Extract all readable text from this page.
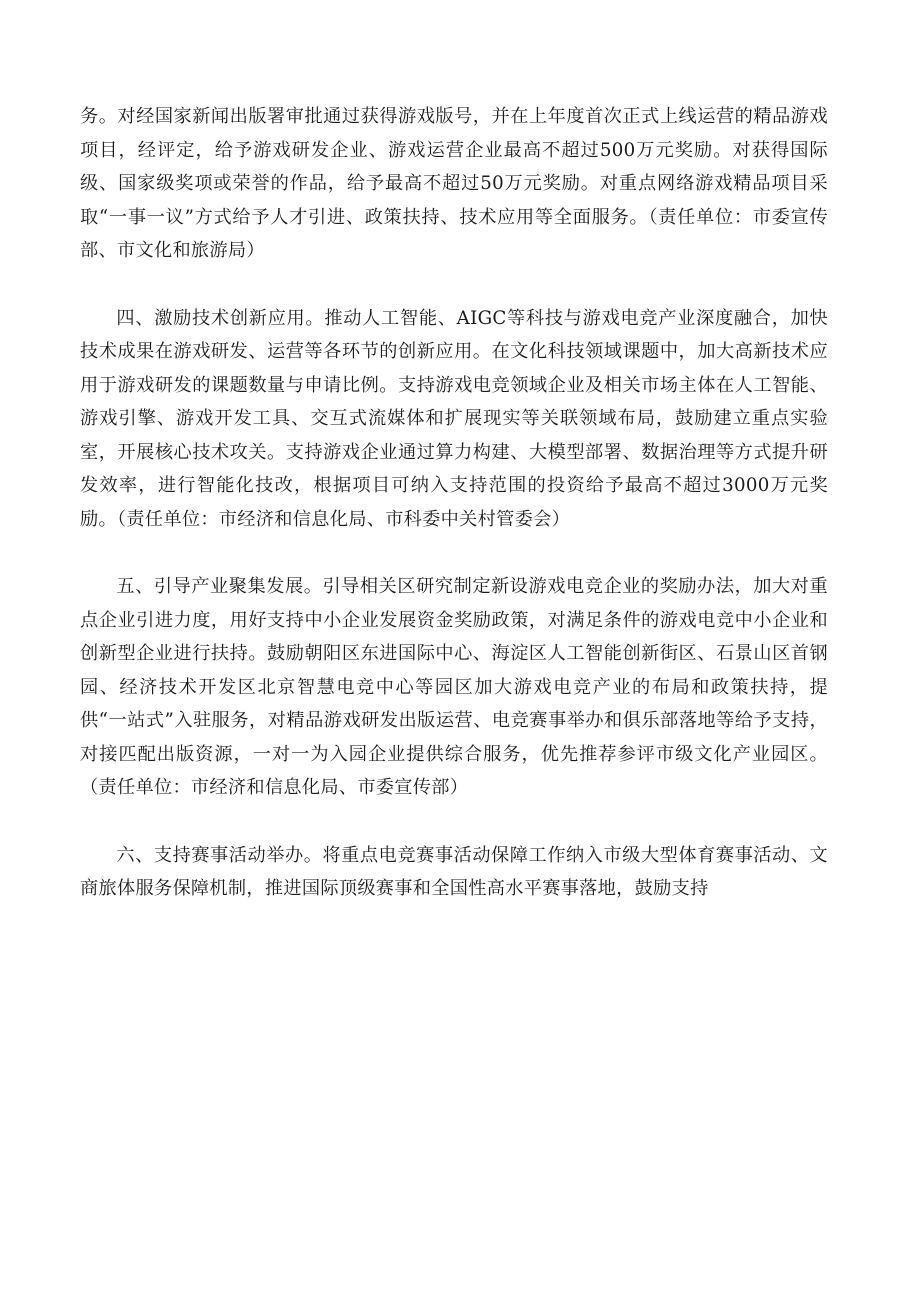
务。对经国家新闻出版署审批通过获得游戏版号，并在上年度首次正式上线运营的精品游戏项目，经评定，给予游戏研发企业、游戏运营企业最高不超过500万元奖励。对获得国际级、国家级奖项或荣誉的作品，给予最高不超过50万元奖励。对重点网络游戏精品项目采取“一事一议”方式给予人才引进、政策扶持、技术应用等全面服务。（责任单位：市委宣传部、市文化和旅游局）

四、激励技术创新应用。推动人工智能、AIGC等科技与游戏电竞产业深度融合，加快技术成果在游戏研发、运营等各环节的创新应用。在文化科技领域课题中，加大高新技术应用于游戏研发的课题数量与申请比例。支持游戏电竞领域企业及相关市场主体在人工智能、游戏引擎、游戏开发工具、交互式流媒体和扩展现实等关联领域布局，鼓励建立重点实验室，开展核心技术攻关。支持游戏企业通过算力构建、大模型部署、数据治理等方式提升研发效率，进行智能化技改，根据项目可纳入支持范围的投资给予最高不超过3000万元奖励。（责任单位：市经济和信息化局、市科委中关村管委会）

五、引导产业聚集发展。引导相关区研究制定新设游戏电竞企业的奖励办法，加大对重点企业引进力度，用好支持中小企业发展资金奖励政策，对满足条件的游戏电竞中小企业和创新型企业进行扶持。鼓励朝阳区东进国际中心、海淀区人工智能创新街区、石景山区首钢园、经济技术开发区北京智慧电竞中心等园区加大游戏电竞产业的布局和政策扶持，提供“一站式”入驻服务，对精品游戏研发出版运营、电竞赛事举办和俱乐部落地等给予支持，对接匹配出版资源，一对一为入园企业提供综合服务，优先推荐参评市级文化产业园区。（责任单位：市经济和信息化局、市委宣传部）

六、支持赛事活动举办。将重点电竞赛事活动保障工作纳入市级大型体育赛事活动、文商旅体服务保障机制，推进国际顶级赛事和全国性高水平赛事落地，鼓励支持
